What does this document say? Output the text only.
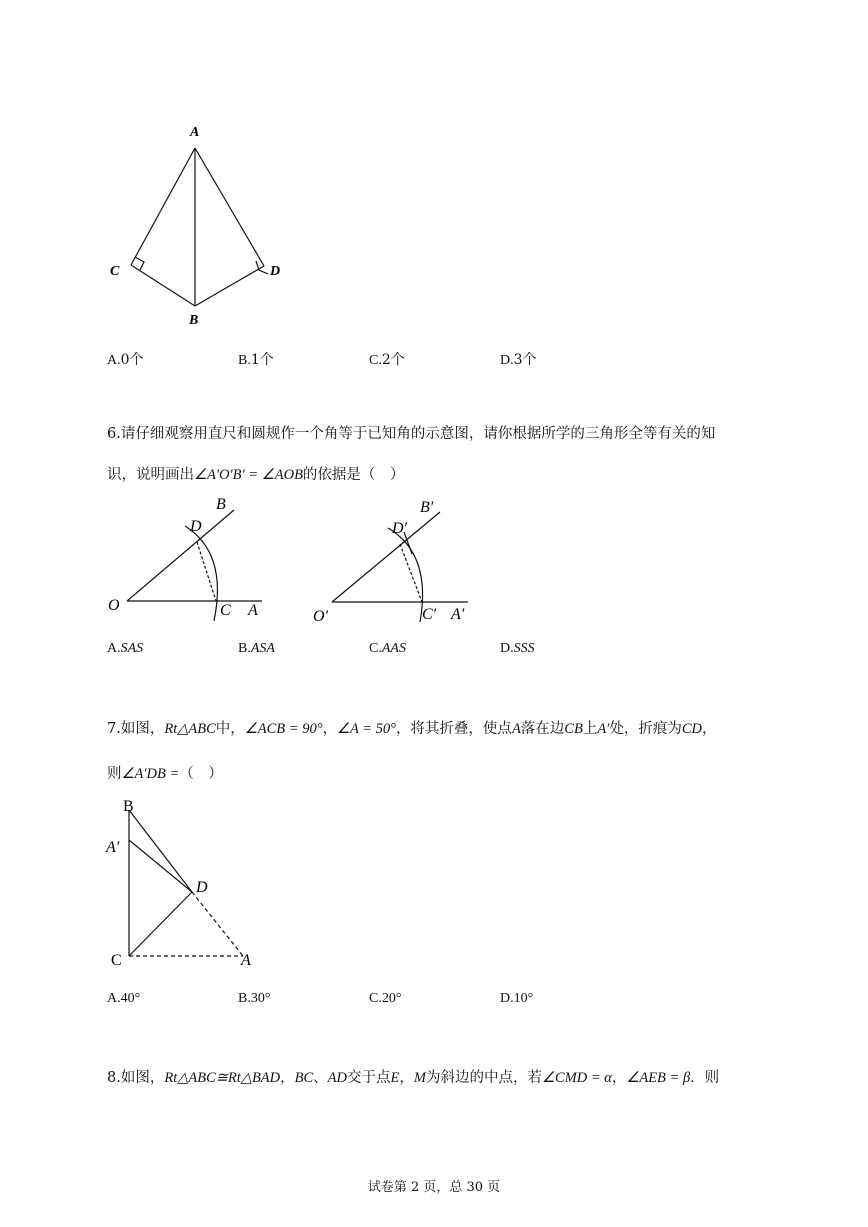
A
C	D
B
A.0个	B.1个	C.2个	D.3个
6.请仔细观察用直尺和圆规作一个角等于已知角的示意图，请你根据所学的三角形全等有关的知
识，说明画出∠A′O′B′ = ∠AOB的依据是（　）
B
D
O	C A
B′
D′
O′	C′ A′
A.SAS	B.ASA	C.AAS	D.SSS
7.如图，Rt△ABC中，∠ACB = 90°，∠A = 50°，将其折叠，使点A落在边CB上A′处，折痕为CD，
则∠A′DB =（　）
B
A′
D
C	A
A.40°	B.30°	C.20°	D.10°
8.如图，Rt△ABC≅Rt△BAD，BC、AD交于点E，M为斜边的中点，若∠CMD = α，∠AEB = β．则
试卷第 2 页，总 30 页
